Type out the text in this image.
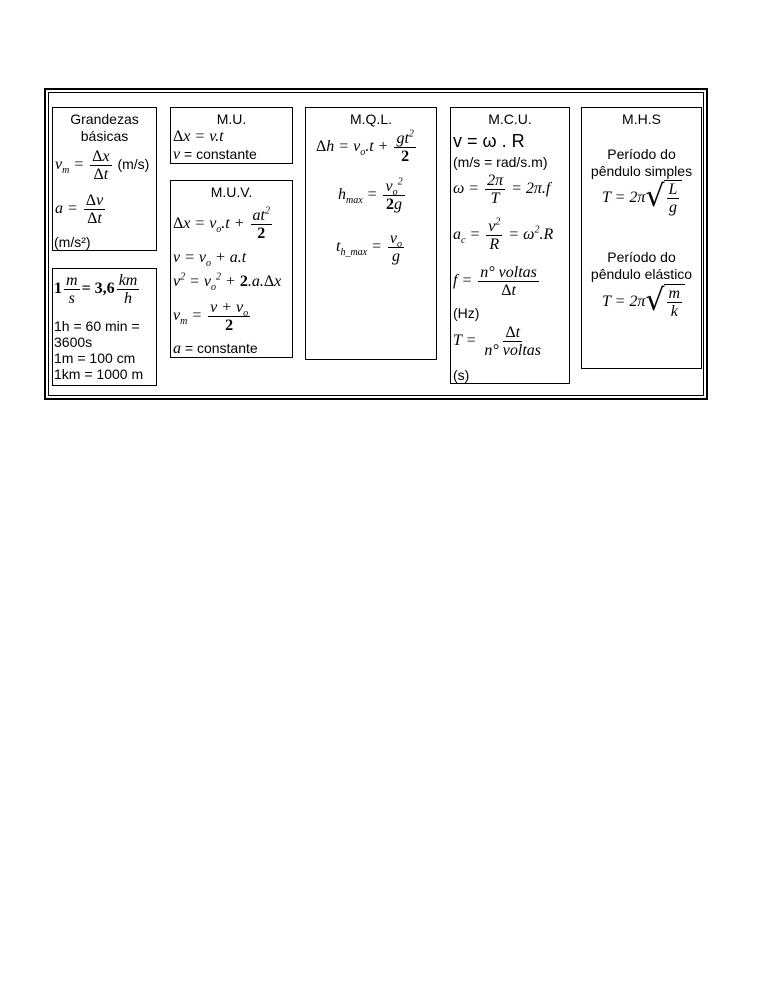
Grandezas
básicas
$v_m = \frac{\Delta x}{\Delta t} (m/s)$
$a = \frac{\Delta v}{\Delta t}$
(m/s²)
$1 \frac{m}{s} = 3,6 \frac{km}{h}$
1h = 60 min =
3600s
1m = 100 cm
1km = 1000 m
M.U.
Δx = v.t
v = constante
M.U.V.
$\Delta x = v_o.t + \frac{at^2}{2}$
$v = v_o + a.t$
$v^2 = v_o^2 + 2.a.\Delta x$
$v_m = \frac{v + v_o}{2}$
a = constante
M.Q.L.
$\Delta h = v_o.t + \frac{gt^2}{2}$
$h_{max} = \frac{v_o^2}{2g}$
$t_{h\_max} = \frac{v_o}{g}$
M.C.U.
v = ω . R
(m/s = rad/s.m)
$\omega = \frac{2\pi}{T} = 2\pi.f$
$a_c = \frac{v^2}{R} = \omega^2.R$
$f = \frac{\text{n° voltas}}{\Delta t}$
(Hz)
$T = \frac{\Delta t}{\text{n° voltas}}$
(s)
M.H.S
Período do
pêndulo simples
T = 2π √ $\frac{L}{g}$
Período do
pêndulo elástico
T = 2π √ $\frac{m}{k}$
